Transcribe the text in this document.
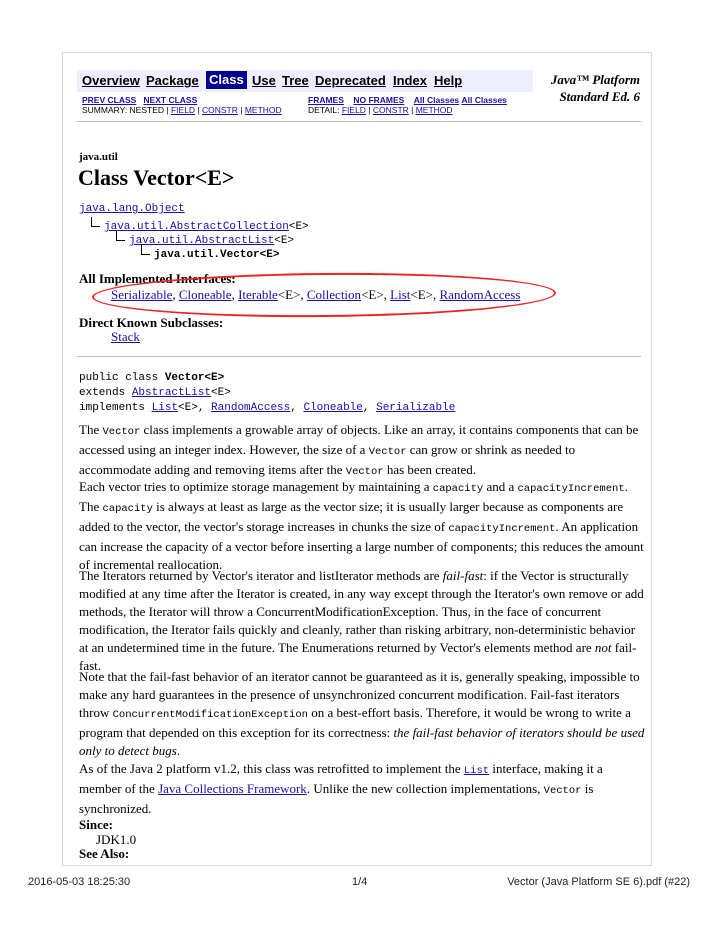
Overview Package Class Use Tree Deprecated Index Help	Java™ Platform
Standard Ed. 6
PREV CLASS NEXT CLASS	FRAMES NO FRAMES All Classes All Classes
SUMMARY: NESTED | FIELD | CONSTR | METHOD	DETAIL: FIELD | CONSTR | METHOD
java.util
Class Vector<E>
java.lang.Object
java.util.AbstractCollection<E>
java.util.AbstractList<E>
java.util.Vector<E>
All Implemented Interfaces:
Serializable, Cloneable, Iterable<E>, Collection<E>, List<E>, RandomAccess
Direct Known Subclasses:
Stack
public class Vector<E>
extends AbstractList<E>
implements List<E>, RandomAccess, Cloneable, Serializable
The Vector class implements a growable array of objects. Like an array, it contains components that can be accessed using an integer index. However, the size of a Vector can grow or shrink as needed to accommodate adding and removing items after the Vector has been created.
Each vector tries to optimize storage management by maintaining a capacity and a capacityIncrement. The capacity is always at least as large as the vector size; it is usually larger because as components are added to the vector, the vector's storage increases in chunks the size of capacityIncrement. An application can increase the capacity of a vector before inserting a large number of components; this reduces the amount of incremental reallocation.
The Iterators returned by Vector's iterator and listIterator methods are fail-fast: if the Vector is structurally modified at any time after the Iterator is created, in any way except through the Iterator's own remove or add methods, the Iterator will throw a ConcurrentModificationException. Thus, in the face of concurrent modification, the Iterator fails quickly and cleanly, rather than risking arbitrary, non-deterministic behavior at an undetermined time in the future. The Enumerations returned by Vector's elements method are not fail-fast.
Note that the fail-fast behavior of an iterator cannot be guaranteed as it is, generally speaking, impossible to make any hard guarantees in the presence of unsynchronized concurrent modification. Fail-fast iterators throw ConcurrentModificationException on a best-effort basis. Therefore, it would be wrong to write a program that depended on this exception for its correctness: the fail-fast behavior of iterators should be used only to detect bugs.
As of the Java 2 platform v1.2, this class was retrofitted to implement the List interface, making it a member of the Java Collections Framework. Unlike the new collection implementations, Vector is synchronized.
Since:
JDK1.0
See Also:
2016-05-03 18:25:30	1/4	Vector (Java Platform SE 6).pdf (#22)
